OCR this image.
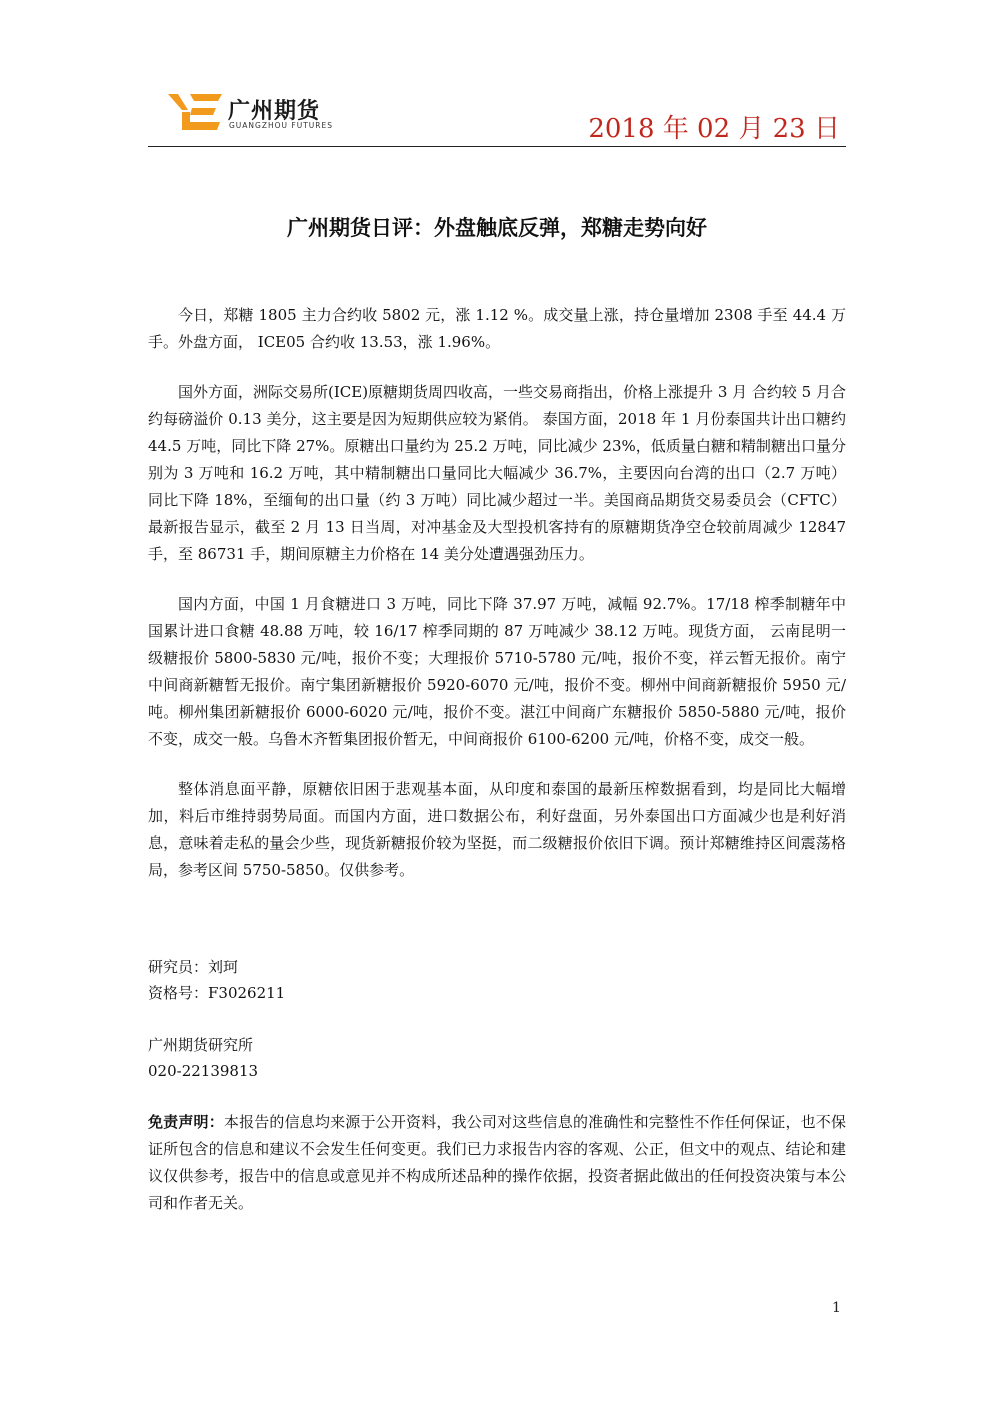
广州期货
GUANGZHOU FUTURES	2018 年 02 月 23 日
广州期货日评：外盘触底反弹，郑糖走势向好

今日，郑糖 1805 主力合约收 5802 元，涨 1.12 %。成交量上涨，持仓量增加 2308 手至 44.4 万手。外盘方面， ICE05 合约收 13.53，涨 1.96%。

国外方面，洲际交易所(ICE)原糖期货周四收高，一些交易商指出，价格上涨提升 3 月 合约较 5 月合约每磅溢价 0.13 美分，这主要是因为短期供应较为紧俏。 泰国方面，2018 年 1 月份泰国共计出口糖约 44.5 万吨，同比下降 27%。原糖出口量约为 25.2 万吨，同比减少 23%，低质量白糖和精制糖出口量分别为 3 万吨和 16.2 万吨，其中精制糖出口量同比大幅减少 36.7%，主要因向台湾的出口（2.7 万吨）同比下降 18%，至缅甸的出口量（约 3 万吨）同比减少超过一半。美国商品期货交易委员会（CFTC）最新报告显示，截至 2 月 13 日当周，对冲基金及大型投机客持有的原糖期货净空仓较前周减少 12847 手，至 86731 手，期间原糖主力价格在 14 美分处遭遇强劲压力。

国内方面，中国 1 月食糖进口 3 万吨，同比下降 37.97 万吨，减幅 92.7%。17/18 榨季制糖年中国累计进口食糖 48.88 万吨，较 16/17 榨季同期的 87 万吨减少 38.12 万吨。现货方面， 云南昆明一级糖报价 5800-5830 元/吨，报价不变；大理报价 5710-5780 元/吨，报价不变，祥云暂无报价。南宁中间商新糖暂无报价。南宁集团新糖报价 5920-6070 元/吨，报价不变。柳州中间商新糖报价 5950 元/吨。柳州集团新糖报价 6000-6020 元/吨，报价不变。湛江中间商广东糖报价 5850-5880 元/吨，报价不变，成交一般。乌鲁木齐暂集团报价暂无，中间商报价 6100-6200 元/吨，价格不变，成交一般。

整体消息面平静，原糖依旧困于悲观基本面，从印度和泰国的最新压榨数据看到，均是同比大幅增加，料后市维持弱势局面。而国内方面，进口数据公布，利好盘面，另外泰国出口方面减少也是利好消息，意味着走私的量会少些，现货新糖报价较为坚挺，而二级糖报价依旧下调。预计郑糖维持区间震荡格局，参考区间 5750-5850。仅供参考。

研究员：刘珂
资格号：F3026211
广州期货研究所
020-22139813
免责声明：本报告的信息均来源于公开资料，我公司对这些信息的准确性和完整性不作任何保证，也不保证所包含的信息和建议不会发生任何变更。我们已力求报告内容的客观、公正，但文中的观点、结论和建议仅供参考，报告中的信息或意见并不构成所述品种的操作依据，投资者据此做出的任何投资决策与本公司和作者无关。
1
